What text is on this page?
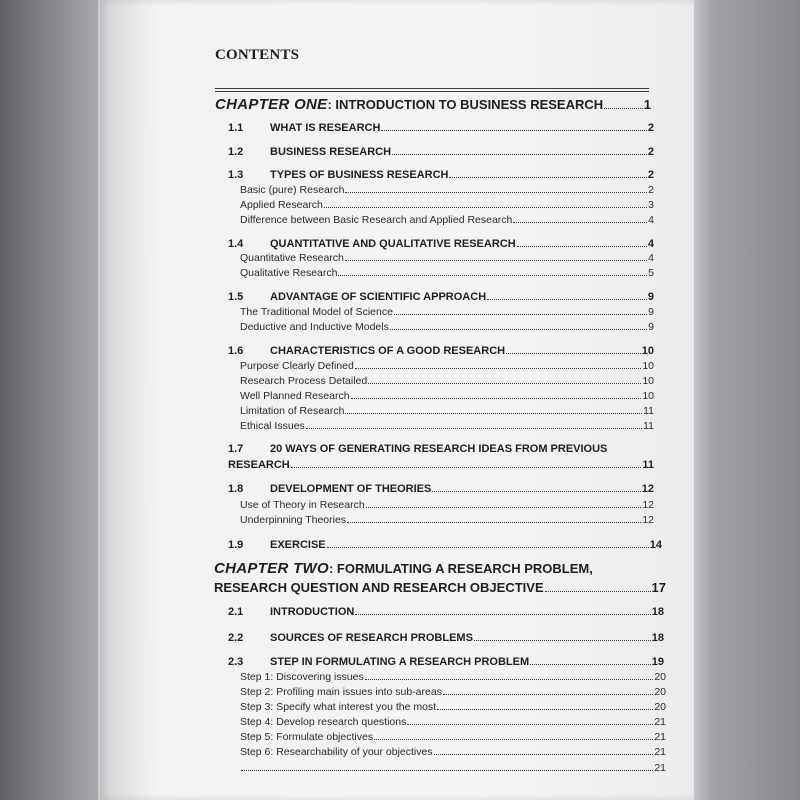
CONTENTS
CHAPTER ONE : INTRODUCTION TO BUSINESS RESEARCH	1
1.1	WHAT IS RESEARCH	2
1.2	BUSINESS RESEARCH	2
1.3	TYPES OF BUSINESS RESEARCH	2
Basic (pure) Research	2
Applied Research	3
Difference between Basic Research and Applied Research	4
1.4	QUANTITATIVE AND QUALITATIVE RESEARCH	4
Quantitative Research	4
Qualitative Research	5
1.5	ADVANTAGE OF SCIENTIFIC APPROACH	9
The Traditional Model of Science	9
Deductive and Inductive Models	9
1.6	CHARACTERISTICS OF A GOOD RESEARCH	10
Purpose Clearly Defined	10
Research Process Detailed	10
Well Planned Research	10
Limitation of Research	11
Ethical Issues	11
1.7 20 WAYS OF GENERATING RESEARCH IDEAS FROM PREVIOUS
RESEARCH	11
1.8	DEVELOPMENT OF THEORIES	12
Use of Theory in Research	12
Underpinning Theories	12
1.9	EXERCISE	14
CHAPTER TWO: FORMULATING A RESEARCH PROBLEM,
RESEARCH QUESTION AND RESEARCH OBJECTIVE	17
2.1	INTRODUCTION	18
2.2	SOURCES OF RESEARCH PROBLEMS	18
2.3	STEP IN FORMULATING A RESEARCH PROBLEM	19
Step 1: Discovering issues	20
Step 2: Profiling main issues into sub-areas	20
Step 3: Specify what interest you the most	20
Step 4: Develop research questions	21
Step 5: Formulate objectives	21
Step 6: Researchability of your objectives	21
21
